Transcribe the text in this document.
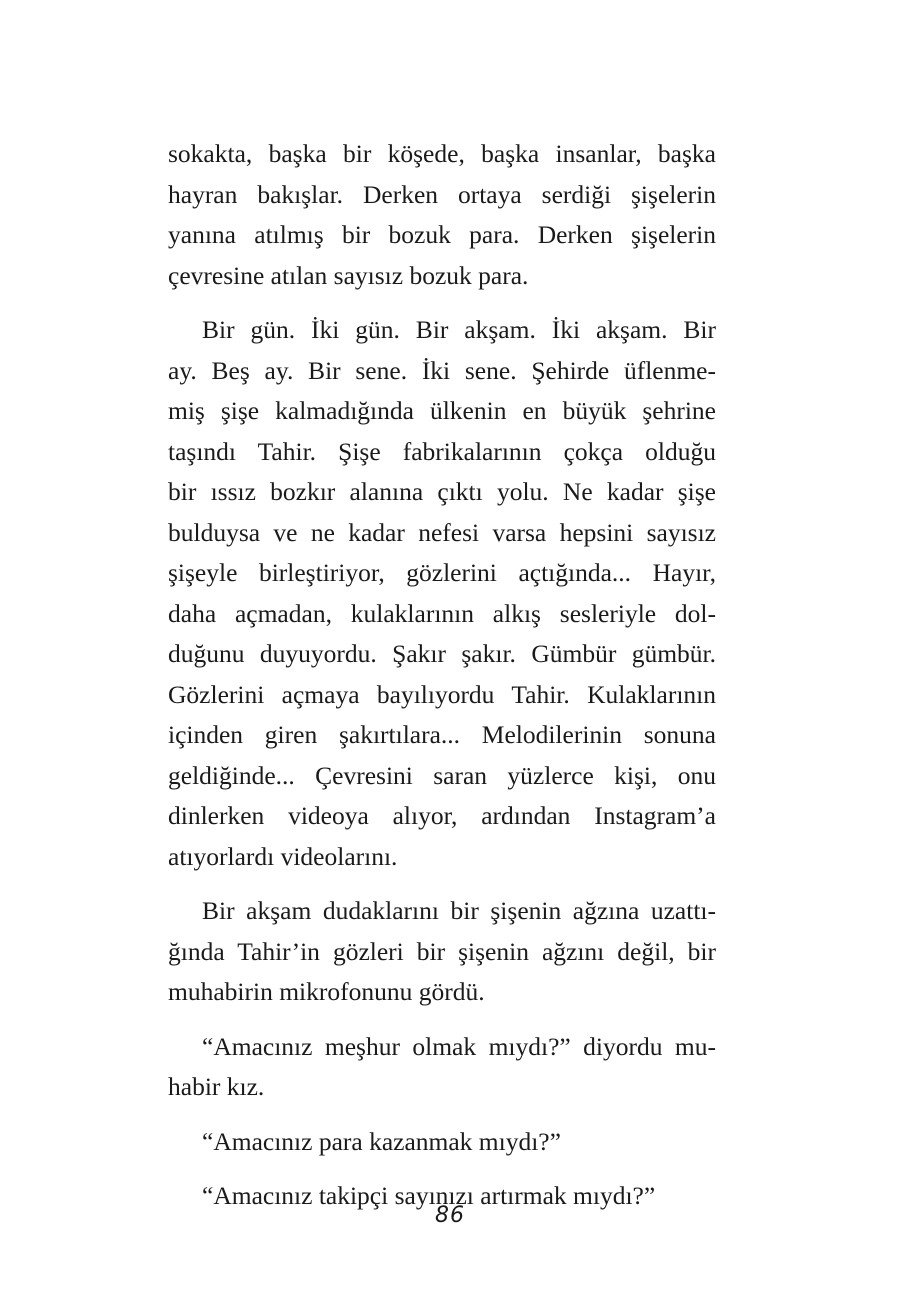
sokakta, başka bir köşede, başka insanlar, başka
hayran bakışlar. Derken ortaya serdiği şişelerin
yanına atılmış bir bozuk para. Derken şişelerin
çevresine atılan sayısız bozuk para.
Bir gün. İki gün. Bir akşam. İki akşam. Bir
ay. Beş ay. Bir sene. İki sene. Şehirde üflenme-
miş şişe kalmadığında ülkenin en büyük şehrine
taşındı Tahir. Şişe fabrikalarının çokça olduğu
bir ıssız bozkır alanına çıktı yolu. Ne kadar şişe
bulduysa ve ne kadar nefesi varsa hepsini sayısız
şişeyle birleştiriyor, gözlerini açtığında... Hayır,
daha açmadan, kulaklarının alkış sesleriyle dol-
duğunu duyuyordu. Şakır şakır. Gümbür gümbür.
Gözlerini açmaya bayılıyordu Tahir. Kulaklarının
içinden giren şakırtılara... Melodilerinin sonuna
geldiğinde... Çevresini saran yüzlerce kişi, onu
dinlerken videoya alıyor, ardından Instagram’a
atıyorlardı videolarını.
Bir akşam dudaklarını bir şişenin ağzına uzattı-
ğında Tahir’in gözleri bir şişenin ağzını değil, bir
muhabirin mikrofonunu gördü.
“Amacınız meşhur olmak mıydı?” diyordu mu-
habir kız.
“Amacınız para kazanmak mıydı?”
“Amacınız takipçi sayınızı artırmak mıydı?”
86
